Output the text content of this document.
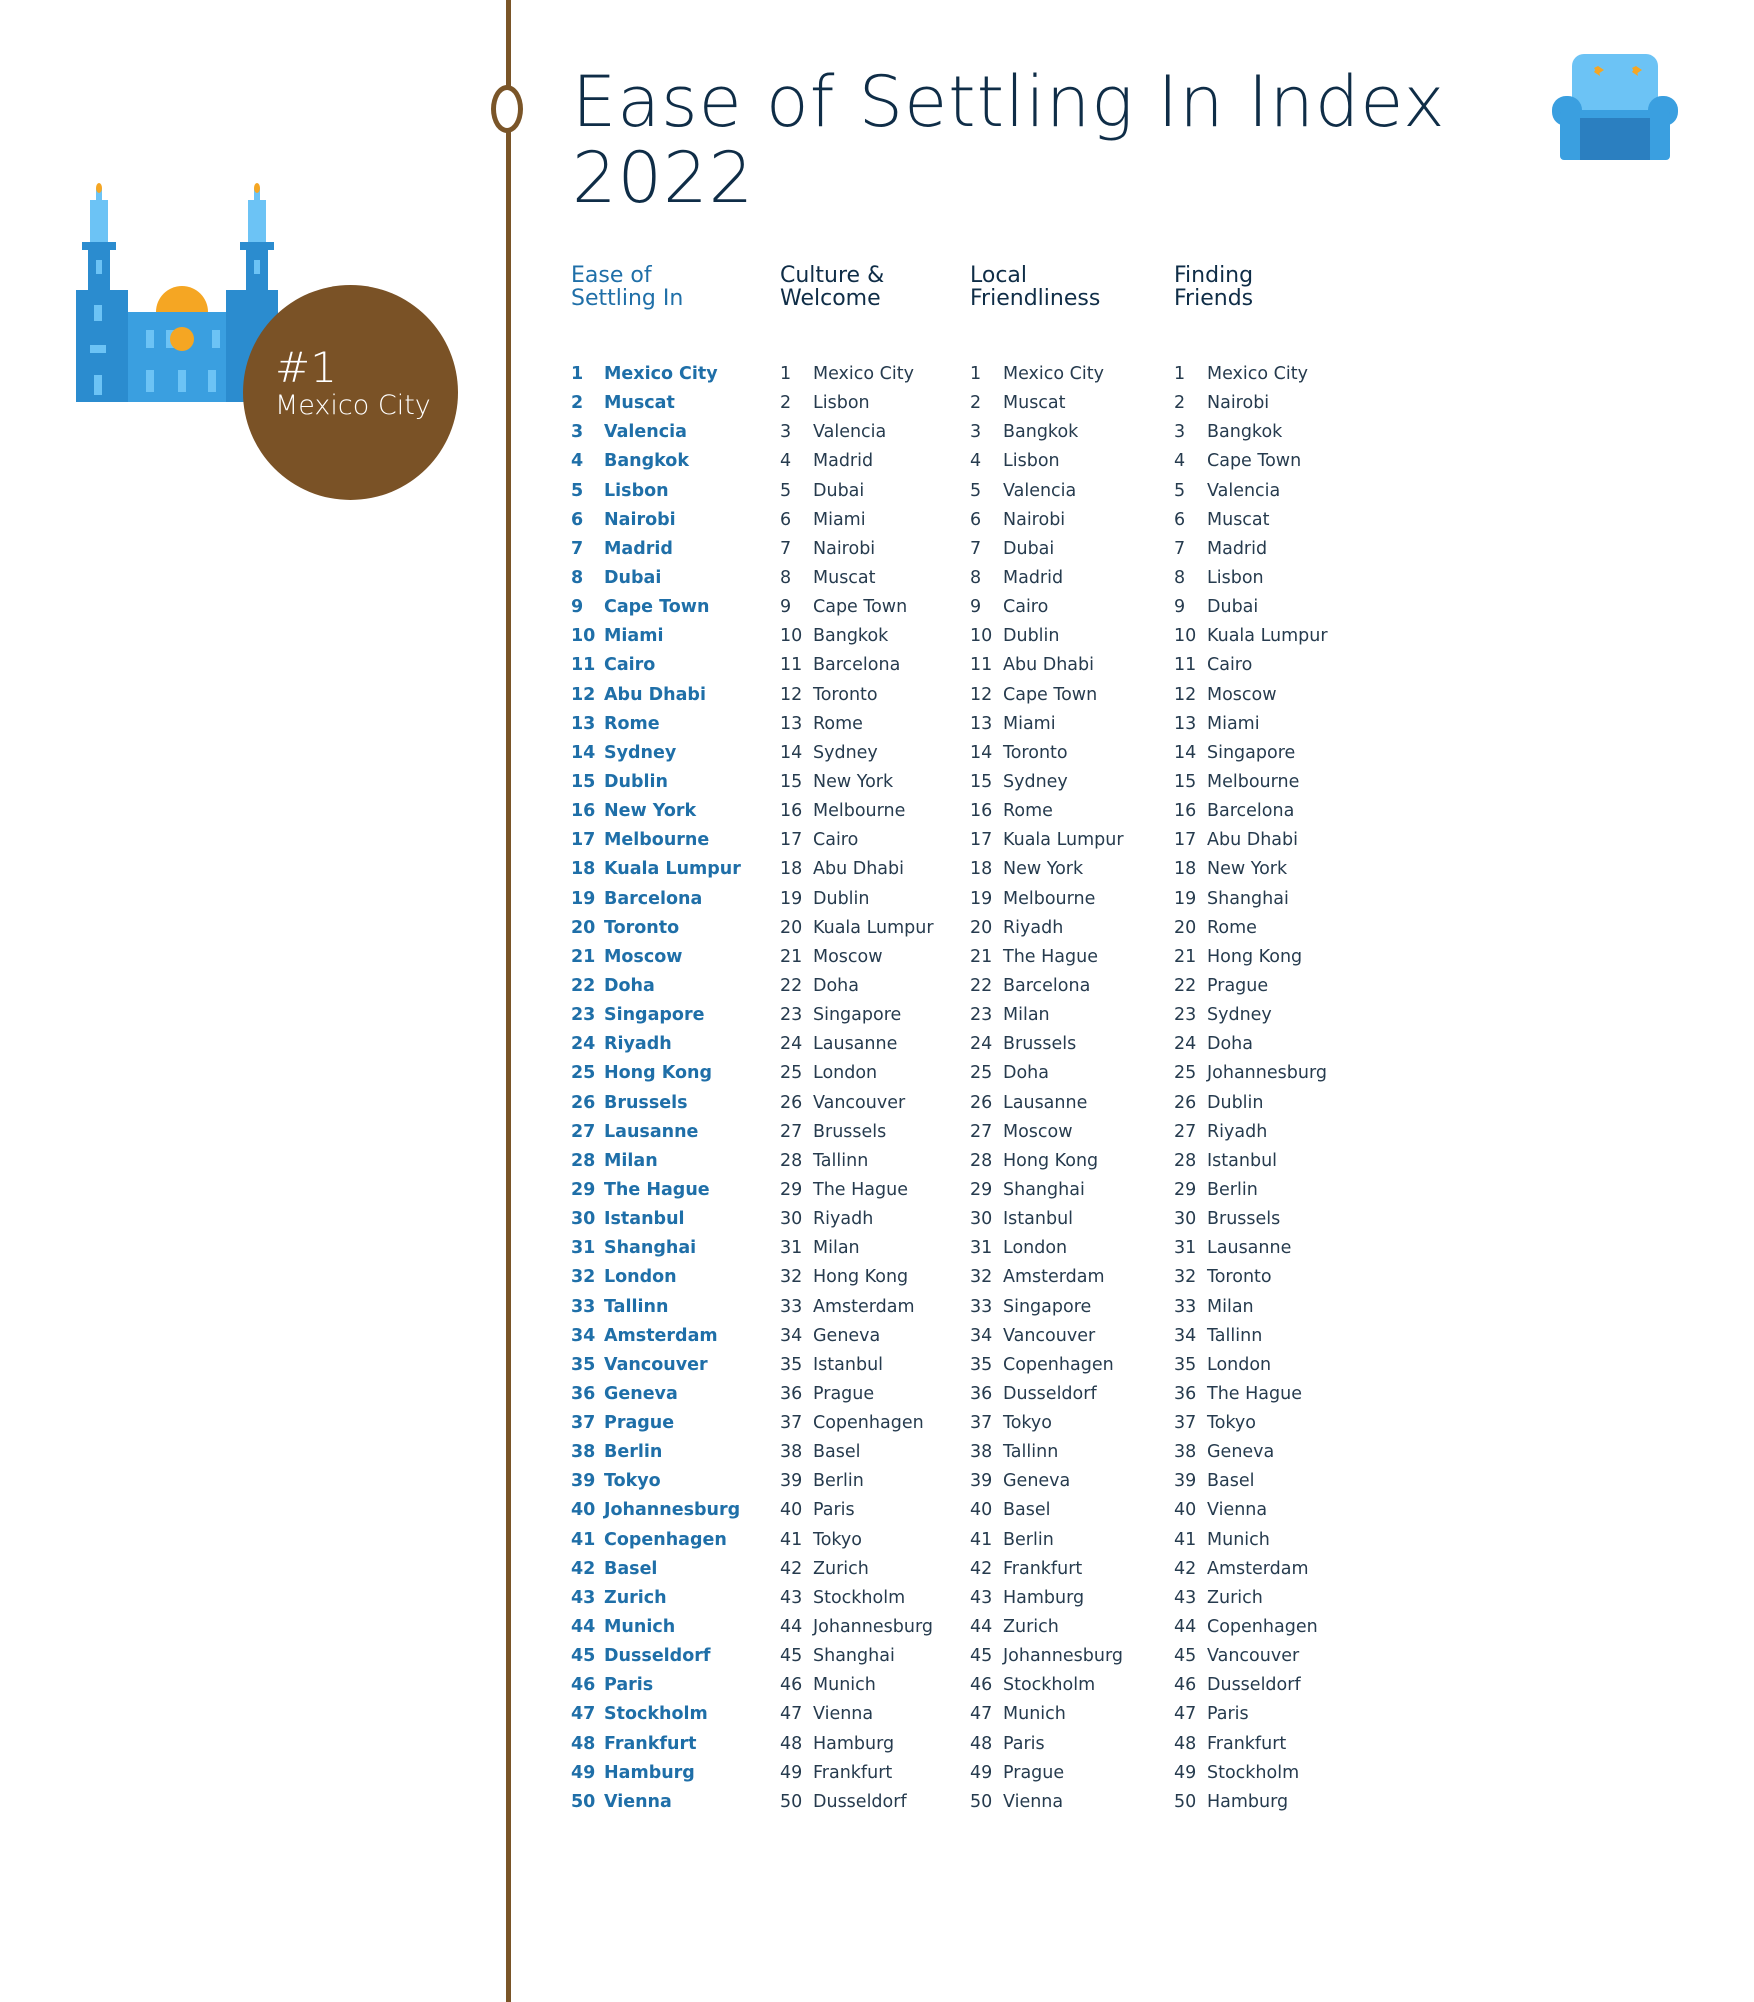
Ease of Settling In Index
2022
#1
Mexico City
Ease of
Settling In
1	Mexico City
2	Muscat
3	Valencia
4	Bangkok
5	Lisbon
6	Nairobi
7	Madrid
8	Dubai
9	Cape Town
10 Miami
11 Cairo
12 Abu Dhabi
13 Rome
14 Sydney
15 Dublin
16 New York
17 Melbourne
18 Kuala Lumpur
19 Barcelona
20 Toronto
21 Moscow
22 Doha
23 Singapore
24 Riyadh
25 Hong Kong
26 Brussels
27 Lausanne
28 Milan
29 The Hague
30 Istanbul
31 Shanghai
32 London
33 Tallinn
34 Amsterdam
35 Vancouver
36 Geneva
37 Prague
38 Berlin
39 Tokyo
40 Johannesburg
41 Copenhagen
42 Basel
43 Zurich
44 Munich
45 Dusseldorf
46 Paris
47 Stockholm
48 Frankfurt
49 Hamburg
50 Vienna
Culture &
Welcome
1	Mexico City
2	Lisbon
3	Valencia
4	Madrid
5	Dubai
6	Miami
7	Nairobi
8	Muscat
9	Cape Town
10 Bangkok
11 Barcelona
12 Toronto
13 Rome
14 Sydney
15 New York
16 Melbourne
17 Cairo
18 Abu Dhabi
19 Dublin
20 Kuala Lumpur
21 Moscow
22 Doha
23 Singapore
24 Lausanne
25 London
26 Vancouver
27 Brussels
28 Tallinn
29 The Hague
30 Riyadh
31 Milan
32 Hong Kong
33 Amsterdam
34 Geneva
35 Istanbul
36 Prague
37 Copenhagen
38 Basel
39 Berlin
40 Paris
41 Tokyo
42 Zurich
43 Stockholm
44 Johannesburg
45 Shanghai
46 Munich
47 Vienna
48 Hamburg
49 Frankfurt
50 Dusseldorf
Local
Friendliness
1	Mexico City
2	Muscat
3	Bangkok
4	Lisbon
5	Valencia
6	Nairobi
7	Dubai
8	Madrid
9	Cairo
10 Dublin
11 Abu Dhabi
12 Cape Town
13 Miami
14 Toronto
15 Sydney
16 Rome
17 Kuala Lumpur
18 New York
19 Melbourne
20 Riyadh
21 The Hague
22 Barcelona
23 Milan
24 Brussels
25 Doha
26 Lausanne
27 Moscow
28 Hong Kong
29 Shanghai
30 Istanbul
31 London
32 Amsterdam
33 Singapore
34 Vancouver
35 Copenhagen
36 Dusseldorf
37 Tokyo
38 Tallinn
39 Geneva
40 Basel
41 Berlin
42 Frankfurt
43 Hamburg
44 Zurich
45 Johannesburg
46 Stockholm
47 Munich
48 Paris
49 Prague
50 Vienna
Finding
Friends
1	Mexico City
2	Nairobi
3	Bangkok
4	Cape Town
5	Valencia
6	Muscat
7	Madrid
8	Lisbon
9	Dubai
10 Kuala Lumpur
11 Cairo
12 Moscow
13 Miami
14 Singapore
15 Melbourne
16 Barcelona
17 Abu Dhabi
18 New York
19 Shanghai
20 Rome
21 Hong Kong
22 Prague
23 Sydney
24 Doha
25 Johannesburg
26 Dublin
27 Riyadh
28 Istanbul
29 Berlin
30 Brussels
31 Lausanne
32 Toronto
33 Milan
34 Tallinn
35 London
36 The Hague
37 Tokyo
38 Geneva
39 Basel
40 Vienna
41 Munich
42 Amsterdam
43 Zurich
44 Copenhagen
45 Vancouver
46 Dusseldorf
47 Paris
48 Frankfurt
49 Stockholm
50 Hamburg
